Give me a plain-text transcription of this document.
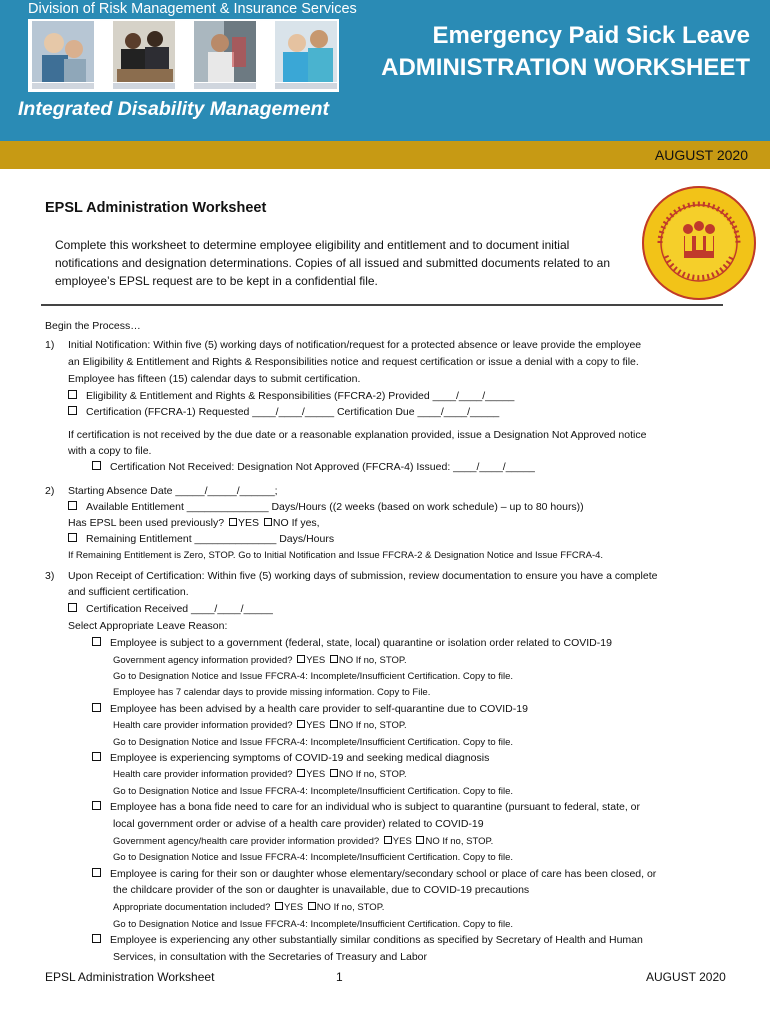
Division of Risk Management & Insurance Services
Emergency Paid Sick Leave
ADMINISTRATION WORKSHEET
Integrated Disability Management
AUGUST 2020
EPSL Administration Worksheet
Complete this worksheet to determine employee eligibility and entitlement and to document initial
notifications and designation determinations. Copies of all issued and submitted documents related to an
employee’s EPSL request are to be kept in a confidential file.
Begin the Process…
1) Initial Notification: Within five (5) working days of notification/request for a protected absence or leave provide the employee
an Eligibility & Entitlement and Rights & Responsibilities notice and request certification or issue a denial with a copy to file.
Employee has fifteen (15) calendar days to submit certification.
Eligibility & Entitlement and Rights & Responsibilities (FFCRA-2) Provided ____/____/_____
Certification (FFCRA-1) Requested ____/____/_____ Certification Due ____/____/_____
If certification is not received by the due date or a reasonable explanation provided, issue a Designation Not Approved notice
with a copy to file.
Certification Not Received: Designation Not Approved (FFCRA-4) Issued: ____/____/_____
2) Starting Absence Date _____/_____/______;
Available Entitlement ______________ Days/Hours ((2 weeks (based on work schedule) – up to 80 hours))
Has EPSL been used previously? YES NO If yes,
Remaining Entitlement ______________ Days/Hours
If Remaining Entitlement is Zero, STOP. Go to Initial Notification and Issue FFCRA-2 & Designation Notice and Issue FFCRA-4.
3) Upon Receipt of Certification: Within five (5) working days of submission, review documentation to ensure you have a complete
and sufficient certification.
Certification Received ____/____/_____
Select Appropriate Leave Reason:
Employee is subject to a government (federal, state, local) quarantine or isolation order related to COVID-19
Government agency information provided? YES NO If no, STOP.
Go to Designation Notice and Issue FFCRA-4: Incomplete/Insufficient Certification. Copy to file.
Employee has 7 calendar days to provide missing information. Copy to File.
Employee has been advised by a health care provider to self-quarantine due to COVID-19
Health care provider information provided? YES NO If no, STOP.
Go to Designation Notice and Issue FFCRA-4: Incomplete/Insufficient Certification. Copy to file.
Employee is experiencing symptoms of COVID-19 and seeking medical diagnosis
Health care provider information provided? YES NO If no, STOP.
Go to Designation Notice and Issue FFCRA-4: Incomplete/Insufficient Certification. Copy to file.
Employee has a bona fide need to care for an individual who is subject to quarantine (pursuant to federal, state, or
local government order or advise of a health care provider) related to COVID-19
Government agency/health care provider information provided? YES NO If no, STOP.
Go to Designation Notice and Issue FFCRA-4: Incomplete/Insufficient Certification. Copy to file.
Employee is caring for their son or daughter whose elementary/secondary school or place of care has been closed, or
the childcare provider of the son or daughter is unavailable, due to COVID-19 precautions
Appropriate documentation included? YES NO If no, STOP.
Go to Designation Notice and Issue FFCRA-4: Incomplete/Insufficient Certification. Copy to file.
Employee is experiencing any other substantially similar conditions as specified by Secretary of Health and Human
Services, in consultation with the Secretaries of Treasury and Labor
EPSL Administration Worksheet	1	AUGUST 2020
